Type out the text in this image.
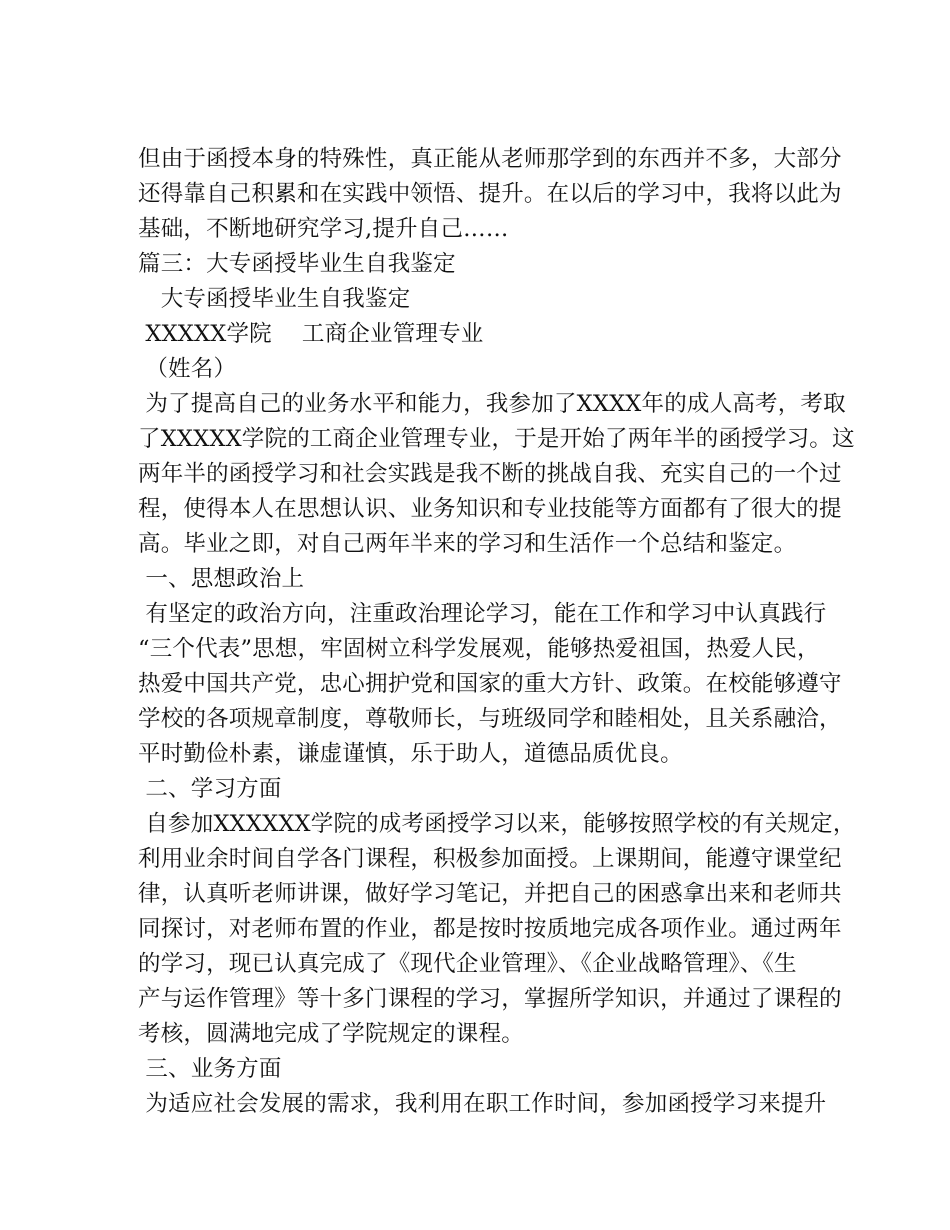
但由于函授本身的特殊性，真正能从老师那学到的东西并不多，大部分
还得靠自己积累和在实践中领悟、提升。在以后的学习中，我将以此为
基础，不断地研究学习,提升自己……
篇三：大专函授毕业生自我鉴定
　大专函授毕业生自我鉴定
XXXXX学院　 工商企业管理专业
（姓名）
为了提高自己的业务水平和能力，我参加了XXXX年的成人高考，考取
了XXXXX学院的工商企业管理专业，于是开始了两年半的函授学习。这
两年半的函授学习和社会实践是我不断的挑战自我、充实自己的一个过
程，使得本人在思想认识、业务知识和专业技能等方面都有了很大的提
高。毕业之即，对自己两年半来的学习和生活作一个总结和鉴定。
一、思想政治上
有坚定的政治方向，注重政治理论学习，能在工作和学习中认真践行
“三个代表”思想，牢固树立科学发展观，能够热爱祖国，热爱人民，
热爱中国共产党，忠心拥护党和国家的重大方针、政策。在校能够遵守
学校的各项规章制度，尊敬师长，与班级同学和睦相处，且关系融洽，
平时勤俭朴素，谦虚谨慎，乐于助人，道德品质优良。
二、学习方面
自参加XXXXXX学院的成考函授学习以来，能够按照学校的有关规定，
利用业余时间自学各门课程，积极参加面授。上课期间，能遵守课堂纪
律，认真听老师讲课，做好学习笔记，并把自己的困惑拿出来和老师共
同探讨，对老师布置的作业，都是按时按质地完成各项作业。通过两年
的学习，现已认真完成了《现代企业管理》、《企业战略管理》、《生
产与运作管理》等十多门课程的学习，掌握所学知识，并通过了课程的
考核，圆满地完成了学院规定的课程。
三、业务方面
为适应社会发展的需求，我利用在职工作时间，参加函授学习来提升
